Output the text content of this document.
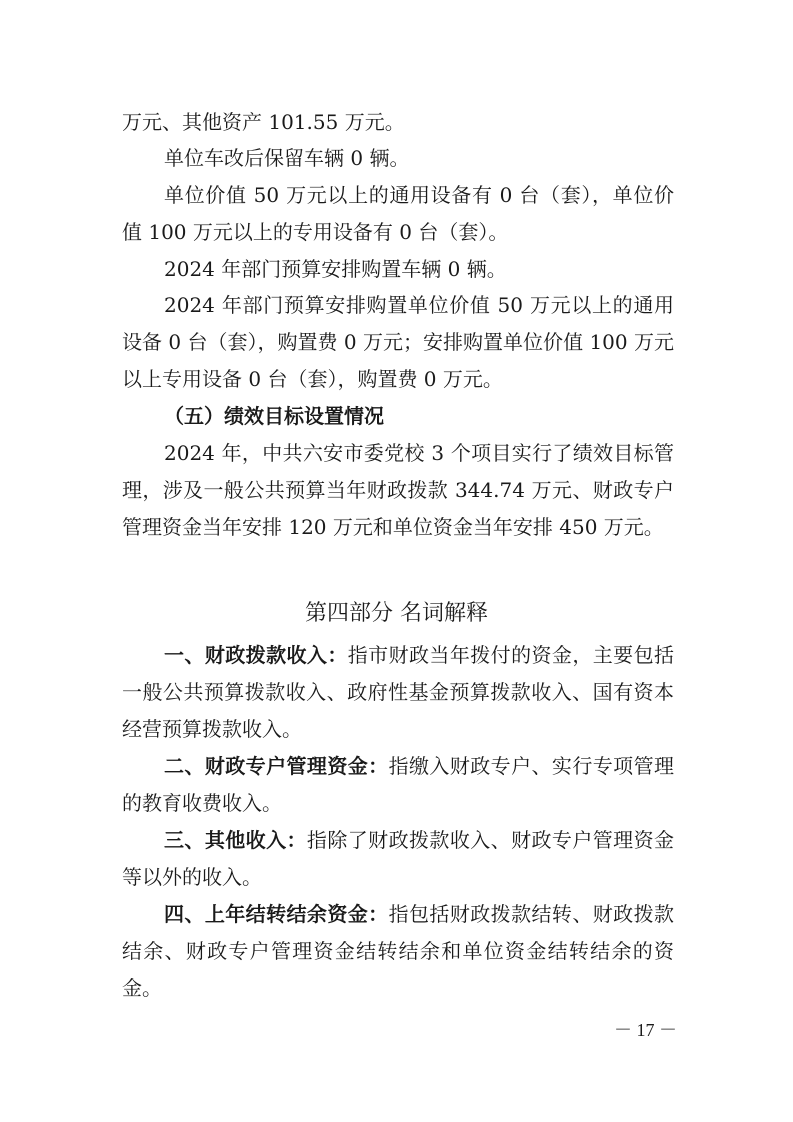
万元、其他资产 101.55 万元。

单位车改后保留车辆 0 辆。

单位价值 50 万元以上的通用设备有 0 台（套），单位价值 100 万元以上的专用设备有 0 台（套）。

2024 年部门预算安排购置车辆 0 辆。

2024 年部门预算安排购置单位价值 50 万元以上的通用设备 0 台（套），购置费 0 万元；安排购置单位价值 100 万元以上专用设备 0 台（套），购置费 0 万元。

（五）绩效目标设置情况

2024 年，中共六安市委党校 3 个项目实行了绩效目标管理，涉及一般公共预算当年财政拨款 344.74 万元、财政专户管理资金当年安排 120 万元和单位资金当年安排 450 万元。

第四部分 名词解释

一、财政拨款收入：指市财政当年拨付的资金，主要包括一般公共预算拨款收入、政府性基金预算拨款收入、国有资本经营预算拨款收入。

二、财政专户管理资金：指缴入财政专户、实行专项管理的教育收费收入。

三、其他收入：指除了财政拨款收入、财政专户管理资金等以外的收入。

四、上年结转结余资金：指包括财政拨款结转、财政拨款结余、财政专户管理资金结转结余和单位资金结转结余的资金。

－ 17 －
